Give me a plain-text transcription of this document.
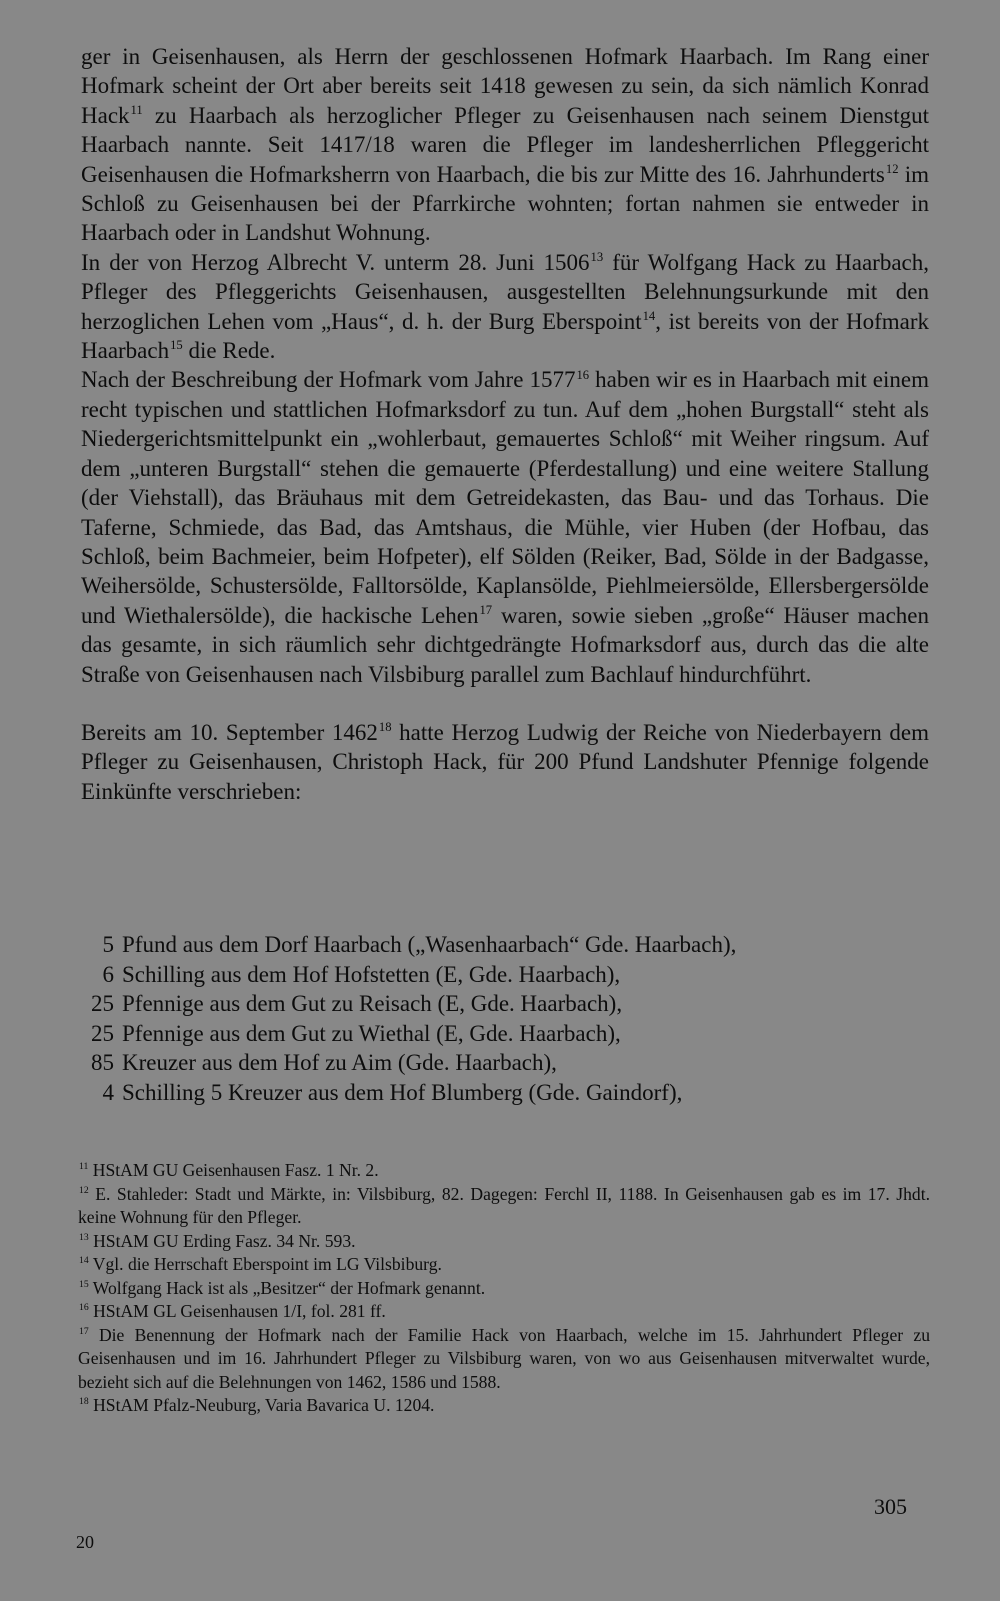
ger in Geisenhausen, als Herrn der geschlossenen Hofmark Haarbach. Im Rang einer Hofmark scheint der Ort aber bereits seit 1418 gewesen zu sein, da sich nämlich Konrad Hack$^{11}$ zu Haarbach als herzoglicher Pfleger zu Geisenhausen nach seinem Dienstgut Haarbach nannte. Seit 1417/18 waren die Pfleger im landesherrlichen Pfleggericht Geisenhausen die Hofmarksherrn von Haarbach, die bis zur Mitte des 16. Jahrhunderts$^{12}$ im Schloß zu Geisenhausen bei der Pfarrkirche wohnten; fortan nahmen sie entweder in Haarbach oder in Landshut Wohnung.

In der von Herzog Albrecht V. unterm 28. Juni 1506$^{13}$ für Wolfgang Hack zu Haarbach, Pfleger des Pfleggerichts Geisenhausen, ausgestellten Belehnungsurkunde mit den herzoglichen Lehen vom „Haus“, d. h. der Burg Eberspoint$^{14}$, ist bereits von der Hofmark Haarbach$^{15}$ die Rede.

Nach der Beschreibung der Hofmark vom Jahre 1577$^{16}$ haben wir es in Haarbach mit einem recht typischen und stattlichen Hofmarksdorf zu tun. Auf dem „hohen Burgstall“ steht als Niedergerichtsmittelpunkt ein „wohlerbaut, gemauertes Schloß“ mit Weiher ringsum. Auf dem „unteren Burgstall“ stehen die gemauerte (Pferdestallung) und eine weitere Stallung (der Viehstall), das Bräuhaus mit dem Getreidekasten, das Bau- und das Torhaus. Die Taferne, Schmiede, das Bad, das Amtshaus, die Mühle, vier Huben (der Hofbau, das Schloß, beim Bachmeier, beim Hofpeter), elf Sölden (Reiker, Bad, Sölde in der Badgasse, Weihersölde, Schustersölde, Falltorsölde, Kaplansölde, Piehlmeiersölde, Ellersbergersölde und Wiethalersölde), die hackische Lehen$^{17}$ waren, sowie sieben „große“ Häuser machen das gesamte, in sich räumlich sehr dichtgedrängte Hofmarksdorf aus, durch das die alte Straße von Geisenhausen nach Vilsbiburg parallel zum Bachlauf hindurchführt.

Bereits am 10. September 1462$^{18}$ hatte Herzog Ludwig der Reiche von Niederbayern dem Pfleger zu Geisenhausen, Christoph Hack, für 200 Pfund Landshuter Pfennige folgende Einkünfte verschrieben:

5 Pfund aus dem Dorf Haarbach („Wasenhaarbach“ Gde. Haarbach),
6 Schilling aus dem Hof Hofstetten (E, Gde. Haarbach),
25 Pfennige aus dem Gut zu Reisach (E, Gde. Haarbach),
25 Pfennige aus dem Gut zu Wiethal (E, Gde. Haarbach),
85 Kreuzer aus dem Hof zu Aim (Gde. Haarbach),
4 Schilling 5 Kreuzer aus dem Hof Blumberg (Gde. Gaindorf),

$^{11}$ HStAM GU Geisenhausen Fasz. 1 Nr. 2.

$^{12}$ E. Stahleder: Stadt und Märkte, in: Vilsbiburg, 82. Dagegen: Ferchl II, 1188. In Geisenhausen gab es im 17. Jhdt. keine Wohnung für den Pfleger.

$^{13}$ HStAM GU Erding Fasz. 34 Nr. 593.

$^{14}$ Vgl. die Herrschaft Eberspoint im LG Vilsbiburg.

$^{15}$ Wolfgang Hack ist als „Besitzer“ der Hofmark genannt.

$^{16}$ HStAM GL Geisenhausen 1/I, fol. 281 ff.

$^{17}$ Die Benennung der Hofmark nach der Familie Hack von Haarbach, welche im 15. Jahrhundert Pfleger zu Geisenhausen und im 16. Jahrhundert Pfleger zu Vilsbiburg waren, von wo aus Geisenhausen mitverwaltet wurde, bezieht sich auf die Belehnungen von 1462, 1586 und 1588.

$^{18}$ HStAM Pfalz-Neuburg, Varia Bavarica U. 1204.

305
20
